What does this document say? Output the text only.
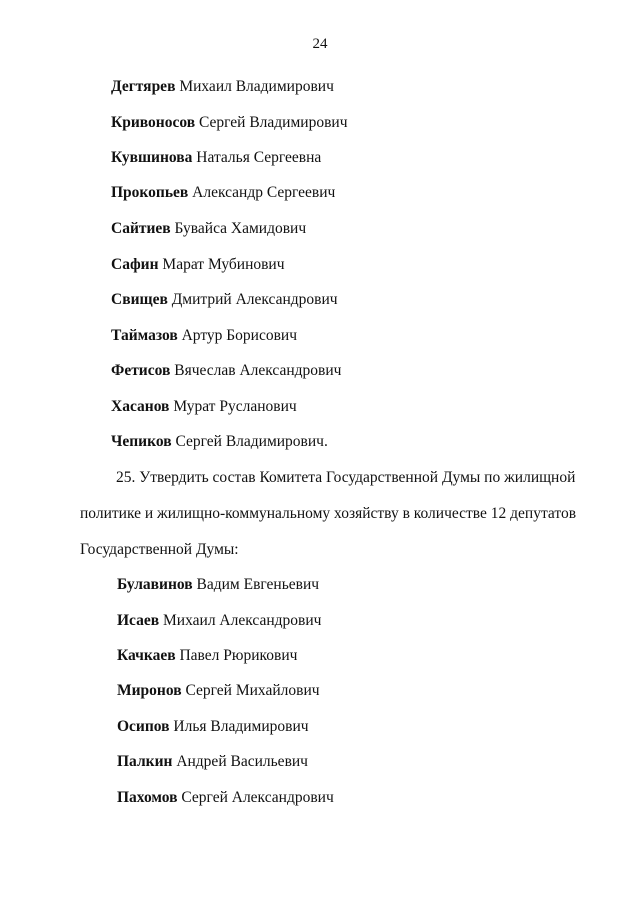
24
Дегтярев Михаил Владимирович
Кривоносов Сергей Владимирович
Кувшинова Наталья Сергеевна
Прокопьев Александр Сергеевич
Сайтиев Бувайса Хамидович
Сафин Марат Мубинович
Свищев Дмитрий Александрович
Таймазов Артур Борисович
Фетисов Вячеслав Александрович
Хасанов Мурат Русланович
Чепиков Сергей Владимирович.
25. Утвердить состав Комитета Государственной Думы по жилищной
политике и жилищно-коммунальному хозяйству в количестве 12 депутатов
Государственной Думы:
Булавинов Вадим Евгеньевич
Исаев Михаил Александрович
Качкаев Павел Рюрикович
Миронов Сергей Михайлович
Осипов Илья Владимирович
Палкин Андрей Васильевич
Пахомов Сергей Александрович
